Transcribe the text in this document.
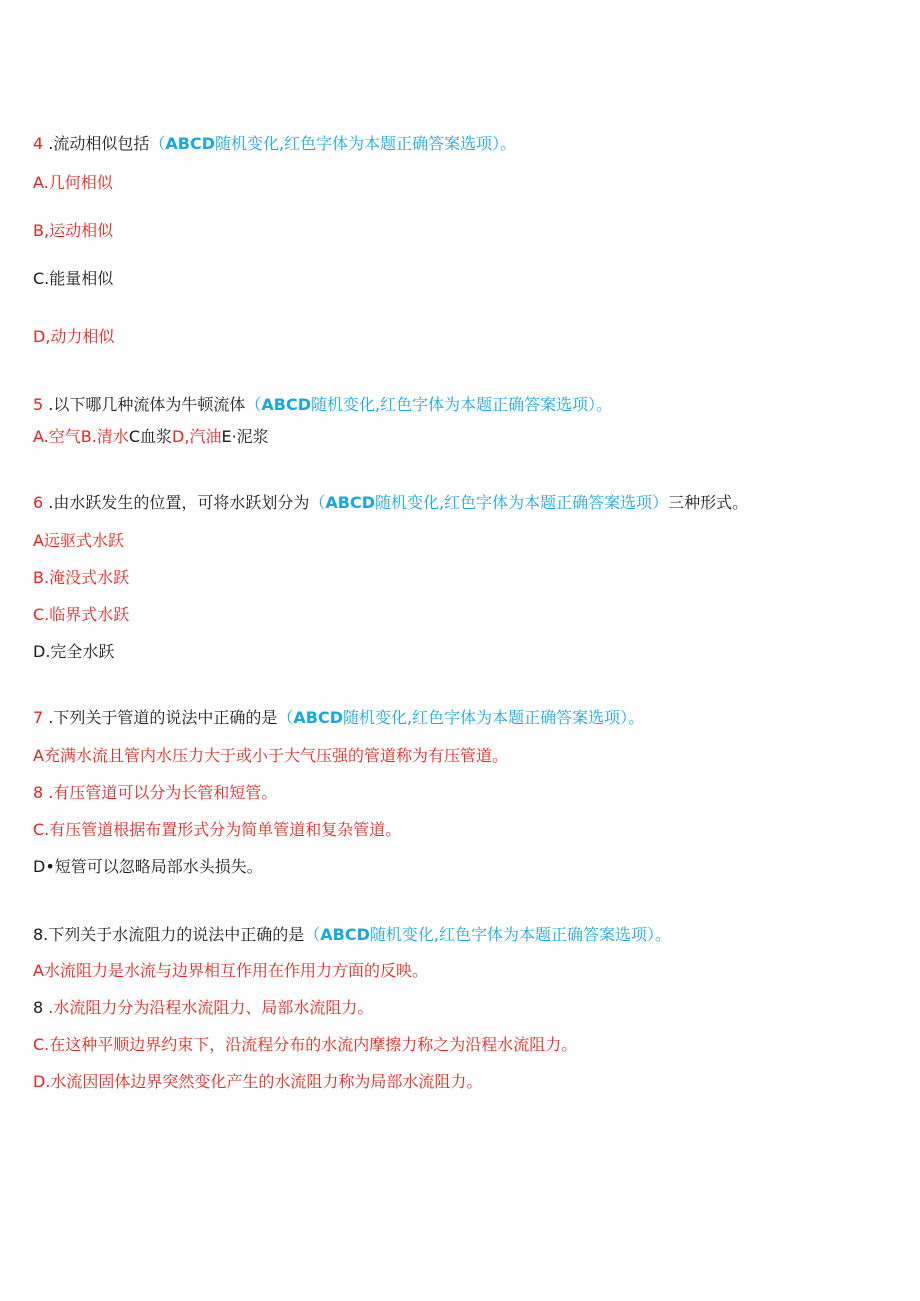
4 .流动相似包括（ABCD随机变化,红色字体为本题正确答案选项）。
A.几何相似
B,运动相似
C.能量相似
D,动力相似
5 .以下哪几种流体为牛顿流体（ABCD随机变化,红色字体为本题正确答案选项）。
A.空气B.清水C血浆D,汽油E·泥浆
6 .由水跃发生的位置，可将水跃划分为（ABCD随机变化,红色字体为本题正确答案选项）三种形式。
A远驱式水跃
B.淹没式水跃
C.临界式水跃
D.完全水跃
7 .下列关于管道的说法中正确的是（ABCD随机变化,红色字体为本题正确答案选项）。
A充满水流且管内水压力大于或小于大气压强的管道称为有压管道。
8 .有压管道可以分为长管和短管。
C.有压管道根据布置形式分为简单管道和复杂管道。
D•短管可以忽略局部水头损失。
8.下列关于水流阻力的说法中正确的是（ABCD随机变化,红色字体为本题正确答案选项）。
A水流阻力是水流与边界相互作用在作用力方面的反映。
8 .水流阻力分为沿程水流阻力、局部水流阻力。
C.在这种平顺边界约束下，沿流程分布的水流内摩擦力称之为沿程水流阻力。
D.水流因固体边界突然变化产生的水流阻力称为局部水流阻力。
